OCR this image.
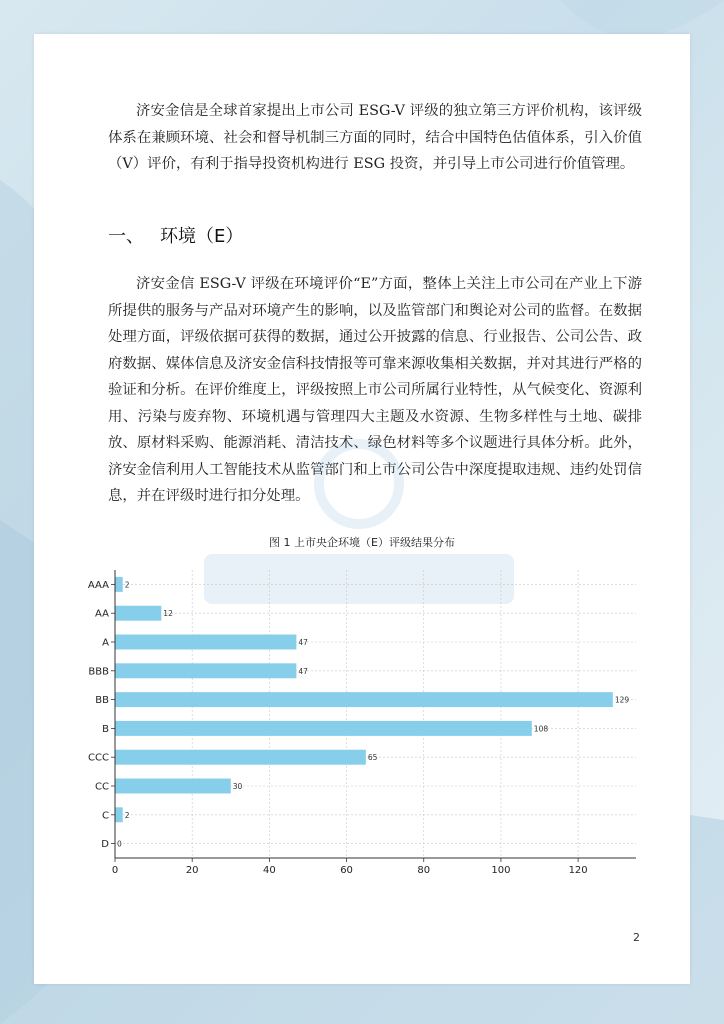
济安金信是全球首家提出上市公司 ESG-V 评级的独立第三方评价机构，该评级体系在兼顾环境、社会和督导机制三方面的同时，结合中国特色估值体系，引入价值（V）评价，有利于指导投资机构进行 ESG 投资，并引导上市公司进行价值管理。

一、 环境（E）

济安金信 ESG-V 评级在环境评价“E”方面，整体上关注上市公司在产业上下游所提供的服务与产品对环境产生的影响，以及监管部门和舆论对公司的监督。在数据处理方面，评级依据可获得的数据，通过公开披露的信息、行业报告、公司公告、政府数据、媒体信息及济安金信科技情报等可靠来源收集相关数据，并对其进行严格的验证和分析。在评价维度上，评级按照上市公司所属行业特性，从气候变化、资源利用、污染与废弃物、环境机遇与管理四大主题及水资源、生物多样性与土地、碳排放、原材料采购、能源消耗、清洁技术、绿色材料等多个议题进行具体分析。此外，济安金信利用人工智能技术从监管部门和上市公司公告中深度提取违规、违约处罚信息，并在评级时进行扣分处理。

图 1 上市央企环境（E）评级结果分布
0	20	40	60	80	100	120
2
AAA
12
AA
47
A
47
BBB
129
BB
108
B
65
CCC
30
CC
2
C
0
D
2
